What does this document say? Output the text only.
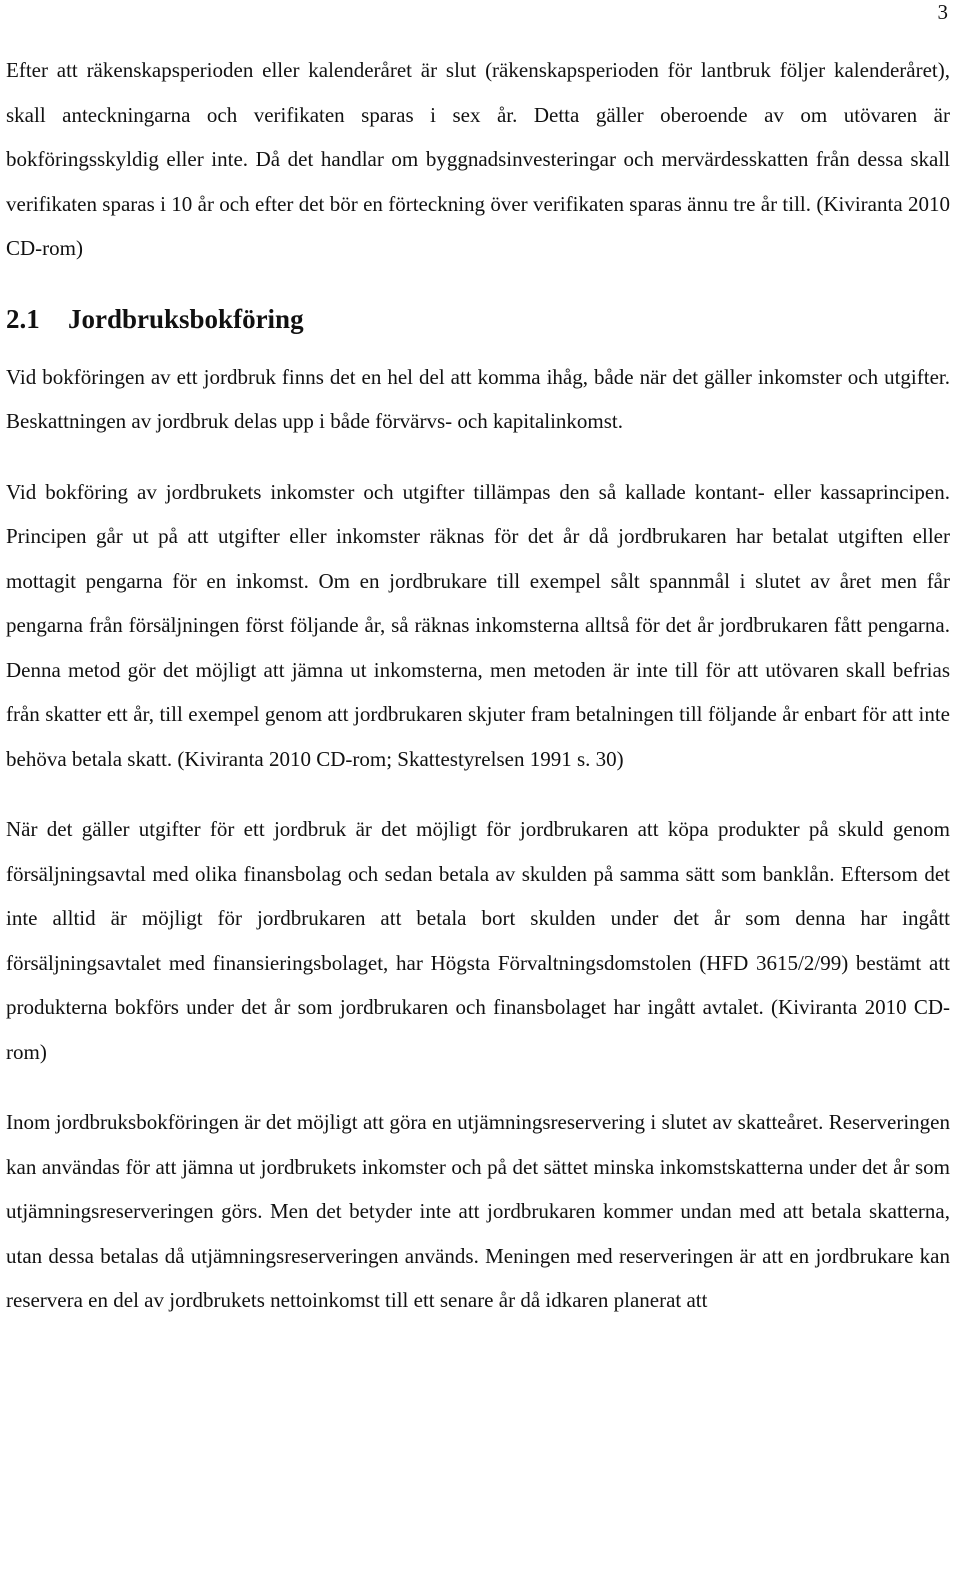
3

Efter att räkenskapsperioden eller kalenderåret är slut (räkenskapsperioden för lantbruk följer kalenderåret), skall anteckningarna och verifikaten sparas i sex år. Detta gäller oberoende av om utövaren är bokföringsskyldig eller inte. Då det handlar om byggnadsinvesteringar och mervärdesskatten från dessa skall verifikaten sparas i 10 år och efter det bör en förteckning över verifikaten sparas ännu tre år till. (Kiviranta 2010 CD-rom)

2.1 Jordbruksbokföring

Vid bokföringen av ett jordbruk finns det en hel del att komma ihåg, både när det gäller inkomster och utgifter. Beskattningen av jordbruk delas upp i både förvärvs- och kapitalinkomst.

Vid bokföring av jordbrukets inkomster och utgifter tillämpas den så kallade kontant- eller kassaprincipen. Principen går ut på att utgifter eller inkomster räknas för det år då jordbrukaren har betalat utgiften eller mottagit pengarna för en inkomst. Om en jordbrukare till exempel sålt spannmål i slutet av året men får pengarna från försäljningen först följande år, så räknas inkomsterna alltså för det år jordbrukaren fått pengarna. Denna metod gör det möjligt att jämna ut inkomsterna, men metoden är inte till för att utövaren skall befrias från skatter ett år, till exempel genom att jordbrukaren skjuter fram betalningen till följande år enbart för att inte behöva betala skatt. (Kiviranta 2010 CD-rom; Skattestyrelsen 1991 s. 30)

När det gäller utgifter för ett jordbruk är det möjligt för jordbrukaren att köpa produkter på skuld genom försäljningsavtal med olika finansbolag och sedan betala av skulden på samma sätt som banklån. Eftersom det inte alltid är möjligt för jordbrukaren att betala bort skulden under det år som denna har ingått försäljningsavtalet med finansieringsbolaget, har Högsta Förvaltningsdomstolen (HFD 3615/2/99) bestämt att produkterna bokförs under det år som jordbrukaren och finansbolaget har ingått avtalet. (Kiviranta 2010 CD-rom)

Inom jordbruksbokföringen är det möjligt att göra en utjämningsreservering i slutet av skatteåret. Reserveringen kan användas för att jämna ut jordbrukets inkomster och på det sättet minska inkomstskatterna under det år som utjämningsreserveringen görs. Men det betyder inte att jordbrukaren kommer undan med att betala skatterna, utan dessa betalas då utjämningsreserveringen används. Meningen med reserveringen är att en jordbrukare kan reservera en del av jordbrukets nettoinkomst till ett senare år då idkaren planerat att
